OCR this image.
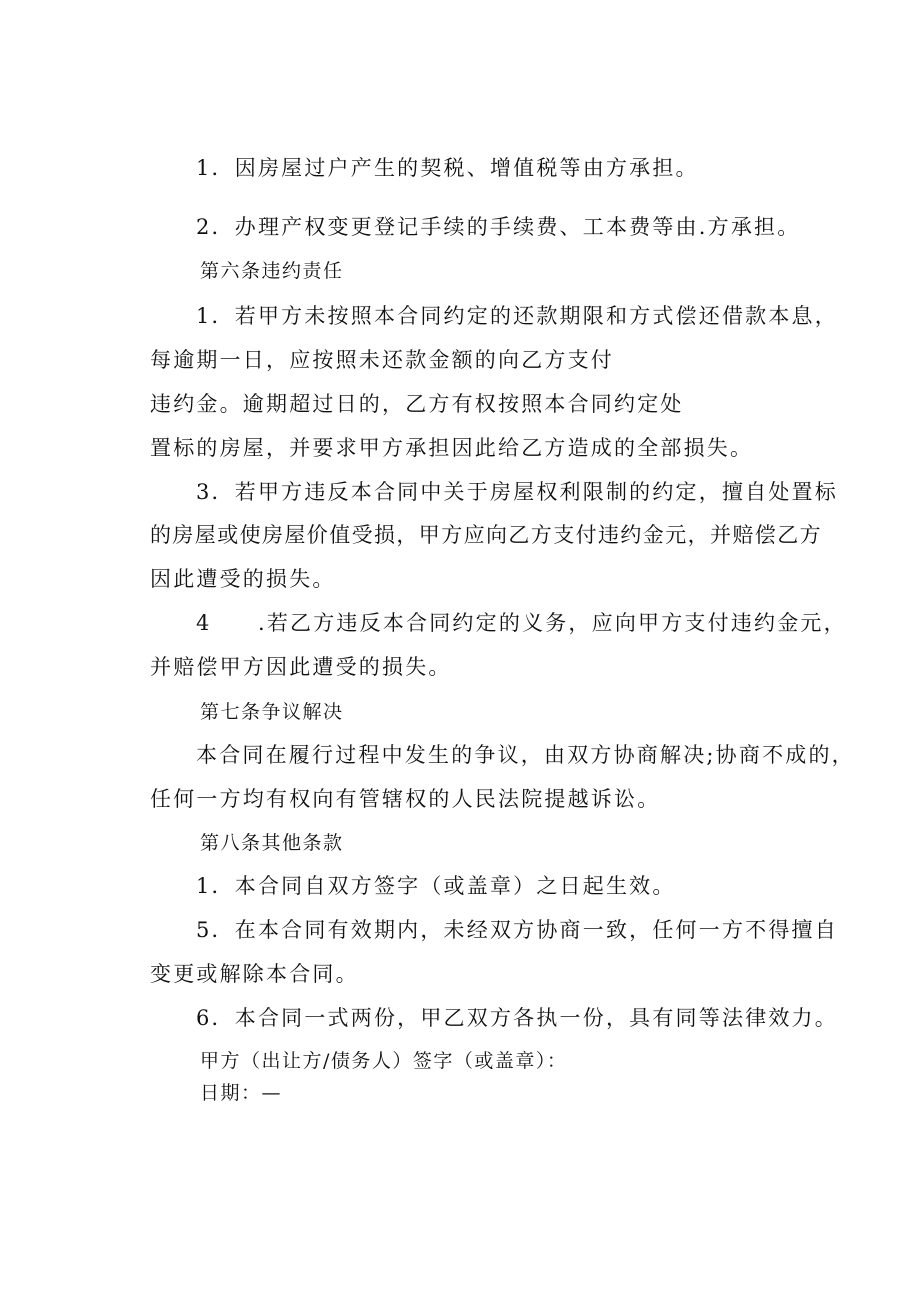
1．因房屋过户产生的契税、增值税等由方承担。
2．办理产权变更登记手续的手续费、工本费等由.方承担。
第六条违约责任
1．若甲方未按照本合同约定的还款期限和方式偿还借款本息，
每逾期一日，应按照未还款金额的向乙方支付
违约金。逾期超过日的，乙方有权按照本合同约定处
置标的房屋，并要求甲方承担因此给乙方造成的全部损失。
3．若甲方违反本合同中关于房屋权利限制的约定，擅自处置标
的房屋或使房屋价值受损，甲方应向乙方支付违约金元，并赔偿乙方
因此遭受的损失。
4　　.若乙方违反本合同约定的义务，应向甲方支付违约金元，
并赔偿甲方因此遭受的损失。
第七条争议解决
本合同在履行过程中发生的争议，由双方协商解决;协商不成的，
任何一方均有权向有管辖权的人民法院提越诉讼。
第八条其他条款
1．本合同自双方签字（或盖章）之日起生效。
5．在本合同有效期内，未经双方协商一致，任何一方不得擅自
变更或解除本合同。
6．本合同一式两份，甲乙双方各执一份，具有同等法律效力。
甲方（出让方/债务人）签字（或盖章）：
日期：—
